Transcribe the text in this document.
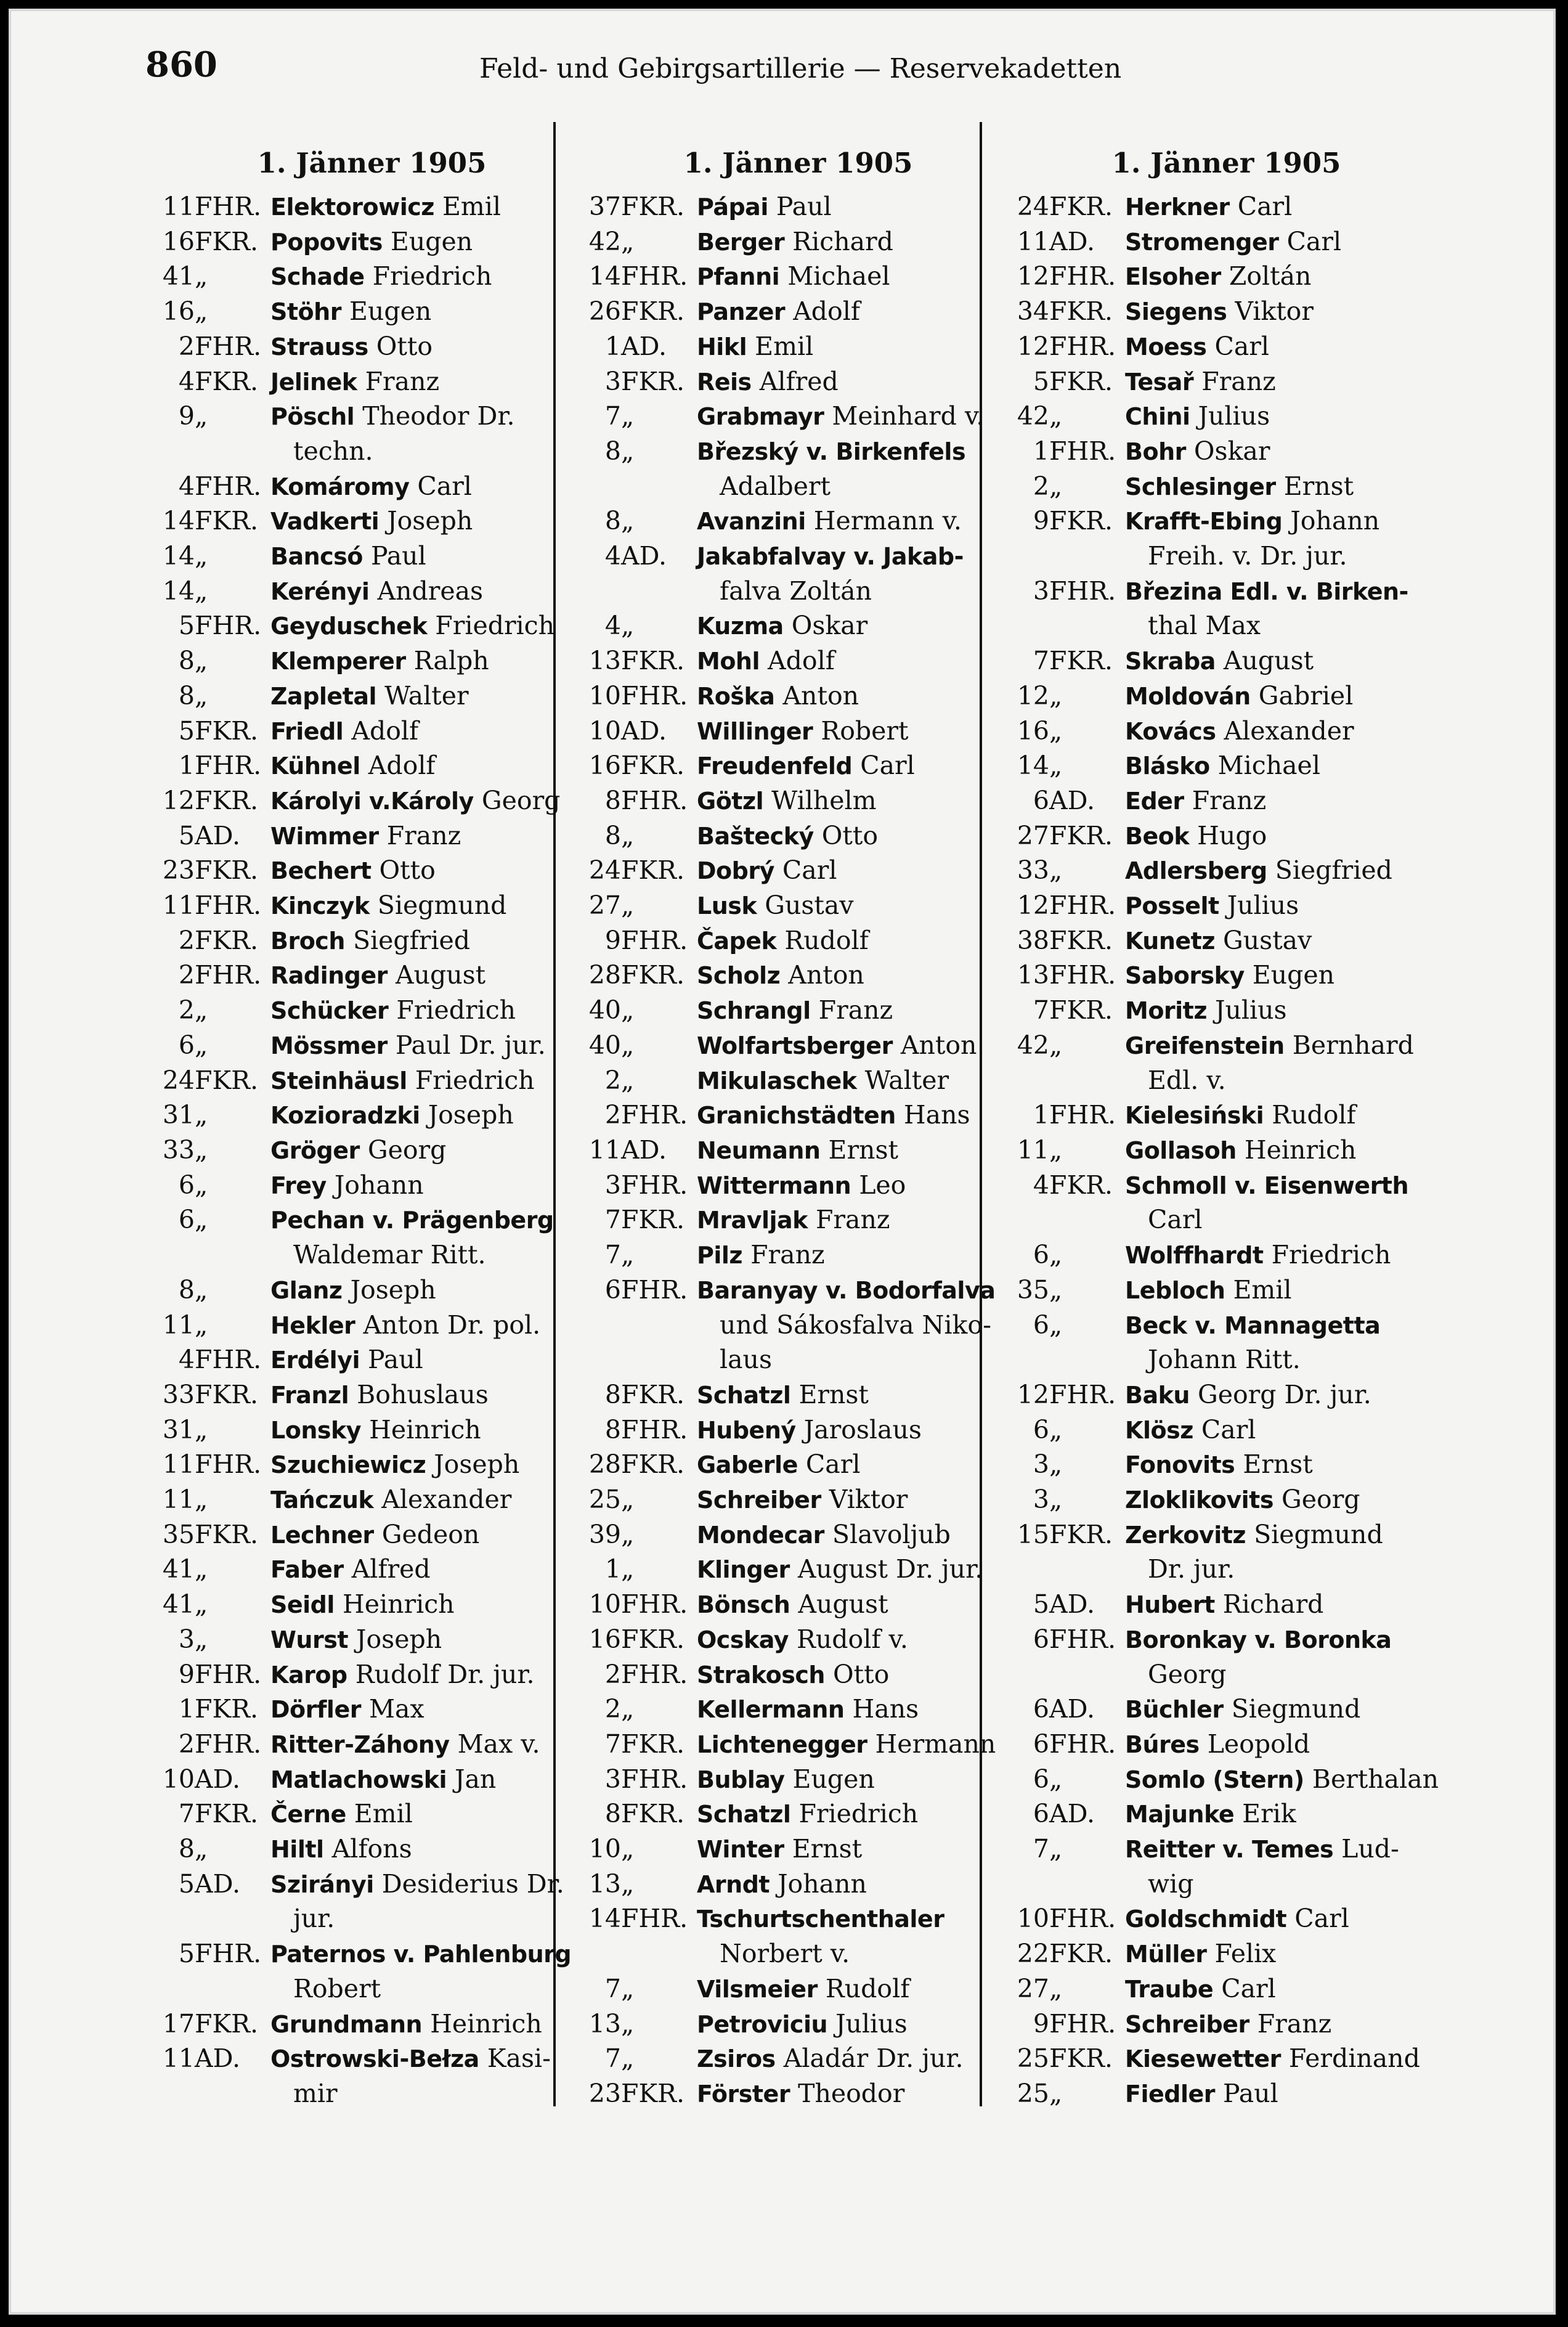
860	Feld- und Gebirgsartillerie — Reservekadetten
1. Jänner 1905

11 FHR. Elektorowicz Emil

16 FKR. Popovits Eugen

41 „	Schade Friedrich

16 „	Stöhr Eugen

2 FHR. Strauss Otto

4 FKR. Jelinek Franz

9 „	Pöschl Theodor Dr.

techn.

4 FHR. Komáromy Carl

14 FKR. Vadkerti Joseph

14 „	Bancsó Paul

14 „	Kerényi Andreas

5 FHR. Geyduschek Friedrich

8 „	Klemperer Ralph

8 „	Zapletal Walter

5 FKR. Friedl Adolf

1 FHR. Kühnel Adolf

12 FKR. Károlyi v.Károly Georg

5 AD.	Wimmer Franz

23 FKR. Bechert Otto

11 FHR. Kinczyk Siegmund

2 FKR. Broch Siegfried

2 FHR. Radinger August

2 „	Schücker Friedrich

6 „	Mössmer Paul Dr. jur.

24 FKR. Steinhäusl Friedrich

31 „	Kozioradzki Joseph

33 „	Gröger Georg

6 „	Frey Johann

6 „	Pechan v. Prägenberg

Waldemar Ritt.

8 „	Glanz Joseph

11 „	Hekler Anton Dr. pol.

4 FHR. Erdélyi Paul

33 FKR. Franzl Bohuslaus

31 „	Lonsky Heinrich

11 FHR. Szuchiewicz Joseph

11 „	Tańczuk Alexander

35 FKR. Lechner Gedeon

41 „	Faber Alfred

41 „	Seidl Heinrich

3 „	Wurst Joseph

9 FHR. Karop Rudolf Dr. jur.

1 FKR. Dörfler Max

2 FHR. Ritter-Záhony Max v.

10 AD.	Matlachowski Jan

7 FKR. Černe Emil

8 „	Hiltl Alfons

5 AD.	Szirányi Desiderius Dr.

jur.

5 FHR. Paternos v. Pahlenburg

Robert

17 FKR. Grundmann Heinrich

11 AD.	Ostrowski-Bełza Kasi-

mir
1. Jänner 1905

37 FKR. Pápai Paul

42 „	Berger Richard

14 FHR. Pfanni Michael

26 FKR. Panzer Adolf

1 AD.	Hikl Emil

3 FKR. Reis Alfred

7 „	Grabmayr Meinhard v.

8 „	Březský v. Birkenfels

Adalbert

8 „	Avanzini Hermann v.

4 AD.	Jakabfalvay v. Jakab-

falva Zoltán

4 „	Kuzma Oskar

13 FKR. Mohl Adolf

10 FHR. Roška Anton

10 AD.	Willinger Robert

16 FKR. Freudenfeld Carl

8 FHR. Götzl Wilhelm

8 „	Baštecký Otto

24 FKR. Dobrý Carl

27 „	Lusk Gustav

9 FHR. Čapek Rudolf

28 FKR. Scholz Anton

40 „	Schrangl Franz

40 „	Wolfartsberger Anton

2 „	Mikulaschek Walter

2 FHR. Granichstädten Hans

11 AD.	Neumann Ernst

3 FHR. Wittermann Leo

7 FKR. Mravljak Franz

7 „	Pilz Franz

6 FHR. Baranyay v. Bodorfalva

und Sákosfalva Niko-

laus

8 FKR. Schatzl Ernst

8 FHR. Hubený Jaroslaus

28 FKR. Gaberle Carl

25 „	Schreiber Viktor

39 „	Mondecar Slavoljub

1 „	Klinger August Dr. jur.

10 FHR. Bönsch August

16 FKR. Ocskay Rudolf v.

2 FHR. Strakosch Otto

2 „	Kellermann Hans

7 FKR. Lichtenegger Hermann

3 FHR. Bublay Eugen

8 FKR. Schatzl Friedrich

10 „	Winter Ernst

13 „	Arndt Johann

14 FHR. Tschurtschenthaler

Norbert v.

7 „	Vilsmeier Rudolf

13 „	Petroviciu Julius

7 „	Zsiros Aladár Dr. jur.

23 FKR. Förster Theodor
1. Jänner 1905

24 FKR. Herkner Carl

11 AD.	Stromenger Carl

12 FHR. Elsoher Zoltán

34 FKR. Siegens Viktor

12 FHR. Moess Carl

5 FKR. Tesař Franz

42 „	Chini Julius

1 FHR. Bohr Oskar

2 „	Schlesinger Ernst

9 FKR. Krafft-Ebing Johann

Freih. v. Dr. jur.

3 FHR. Březina Edl. v. Birken-

thal Max

7 FKR. Skraba August

12 „	Moldován Gabriel

16 „	Kovács Alexander

14 „	Blásko Michael

6 AD.	Eder Franz

27 FKR. Beok Hugo

33 „	Adlersberg Siegfried

12 FHR. Posselt Julius

38 FKR. Kunetz Gustav

13 FHR. Saborsky Eugen

7 FKR. Moritz Julius

42 „	Greifenstein Bernhard

Edl. v.

1 FHR. Kielesiński Rudolf

11 „	Gollasoh Heinrich

4 FKR. Schmoll v. Eisenwerth

Carl

6 „	Wolffhardt Friedrich

35 „	Lebloch Emil

6 „	Beck v. Mannagetta

Johann Ritt.

12 FHR. Baku Georg Dr. jur.

6 „	Klösz Carl

3 „	Fonovits Ernst

3 „	Zloklikovits Georg

15 FKR. Zerkovitz Siegmund

Dr. jur.

5 AD.	Hubert Richard

6 FHR. Boronkay v. Boronka

Georg

6 AD.	Büchler Siegmund

6 FHR. Búres Leopold

6 „	Somlo (Stern) Berthalan

6 AD.	Majunke Erik

7 „	Reitter v. Temes Lud-

wig

10 FHR. Goldschmidt Carl

22 FKR. Müller Felix

27 „	Traube Carl

9 FHR. Schreiber Franz

25 FKR. Kiesewetter Ferdinand

25 „	Fiedler Paul
